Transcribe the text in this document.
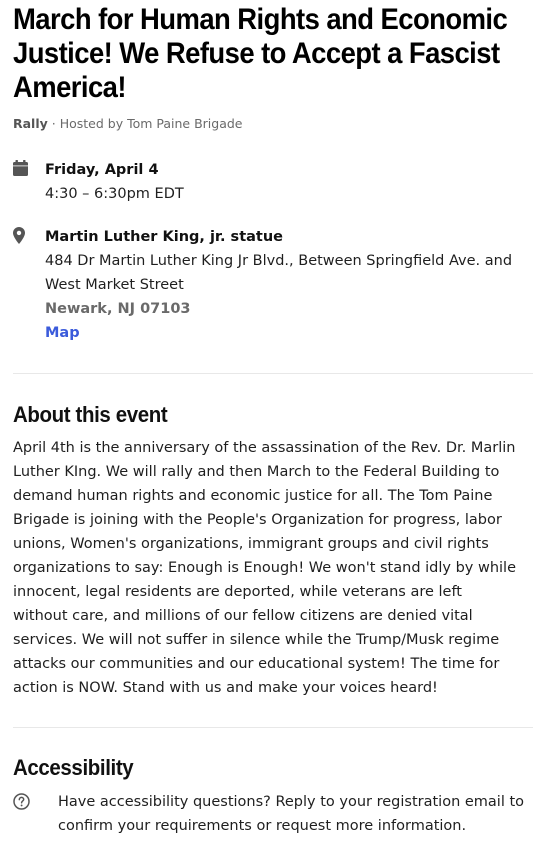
March for Human Rights and Economic Justice! We Refuse to Accept a Fascist America!
Rally · Hosted by Tom Paine Brigade
Friday, April 4
4:30 – 6:30pm EDT
Martin Luther King, jr. statue
484 Dr Martin Luther King Jr Blvd., Between Springfield Ave. and West Market Street
Newark, NJ 07103
Map
About this event
April 4th is the anniversary of the assassination of the Rev. Dr. Marlin Luther KIng. We will rally and then March to the Federal Building to demand human rights and economic justice for all. The Tom Paine Brigade is joining with the People's Organization for progress, labor unions, Women's organizations, immigrant groups and civil rights organizations to say: Enough is Enough! We won't stand idly by while innocent, legal residents are deported, while veterans are left without care, and millions of our fellow citizens are denied vital services. We will not suffer in silence while the Trump/Musk regime attacks our communities and our educational system! The time for action is NOW. Stand with us and make your voices heard!
Accessibility
Have accessibility questions? Reply to your registration email to confirm your requirements or request more information.
